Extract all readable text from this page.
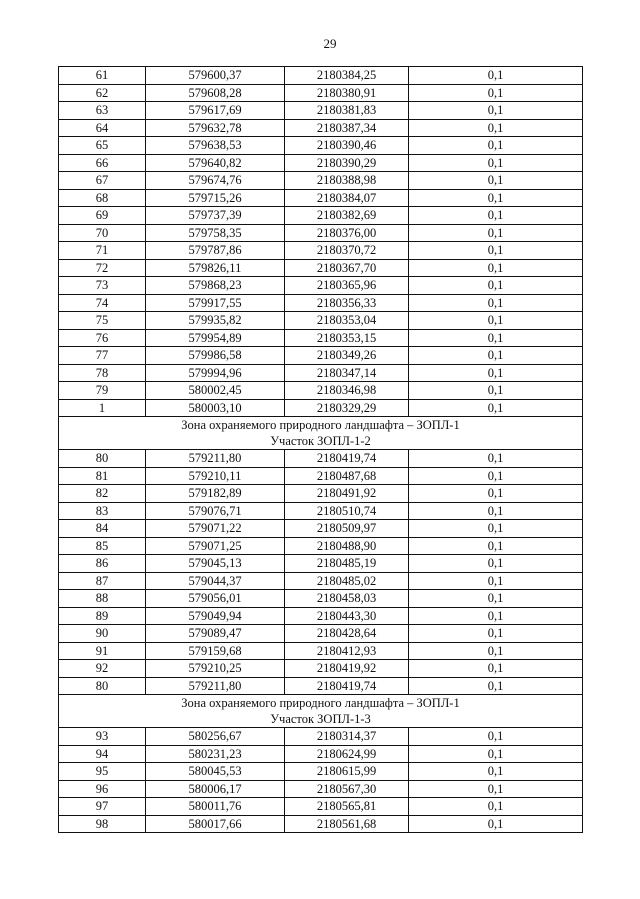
29
61	579600,37	2180384,25	0,1
62	579608,28	2180380,91	0,1
63	579617,69	2180381,83	0,1
64	579632,78	2180387,34	0,1
65	579638,53	2180390,46	0,1
66	579640,82	2180390,29	0,1
67	579674,76	2180388,98	0,1
68	579715,26	2180384,07	0,1
69	579737,39	2180382,69	0,1
70	579758,35	2180376,00	0,1
71	579787,86	2180370,72	0,1
72	579826,11	2180367,70	0,1
73	579868,23	2180365,96	0,1
74	579917,55	2180356,33	0,1
75	579935,82	2180353,04	0,1
76	579954,89	2180353,15	0,1
77	579986,58	2180349,26	0,1
78	579994,96	2180347,14	0,1
79	580002,45	2180346,98	0,1
1	580003,10	2180329,29	0,1

Зона охраняемого природного ландшафта – ЗОПЛ-1
Участок ЗОПЛ-1-2			

80	579211,80	2180419,74	0,1
81	579210,11	2180487,68	0,1
82	579182,89	2180491,92	0,1
83	579076,71	2180510,74	0,1
84	579071,22	2180509,97	0,1
85	579071,25	2180488,90	0,1
86	579045,13	2180485,19	0,1
87	579044,37	2180485,02	0,1
88	579056,01	2180458,03	0,1
89	579049,94	2180443,30	0,1
90	579089,47	2180428,64	0,1
91	579159,68	2180412,93	0,1
92	579210,25	2180419,92	0,1
80	579211,80	2180419,74	0,1

Зона охраняемого природного ландшафта – ЗОПЛ-1
Участок ЗОПЛ-1-3			

93	580256,67	2180314,37	0,1
94	580231,23	2180624,99	0,1
95	580045,53	2180615,99	0,1
96	580006,17	2180567,30	0,1
97	580011,76	2180565,81	0,1
98	580017,66	2180561,68	0,1
